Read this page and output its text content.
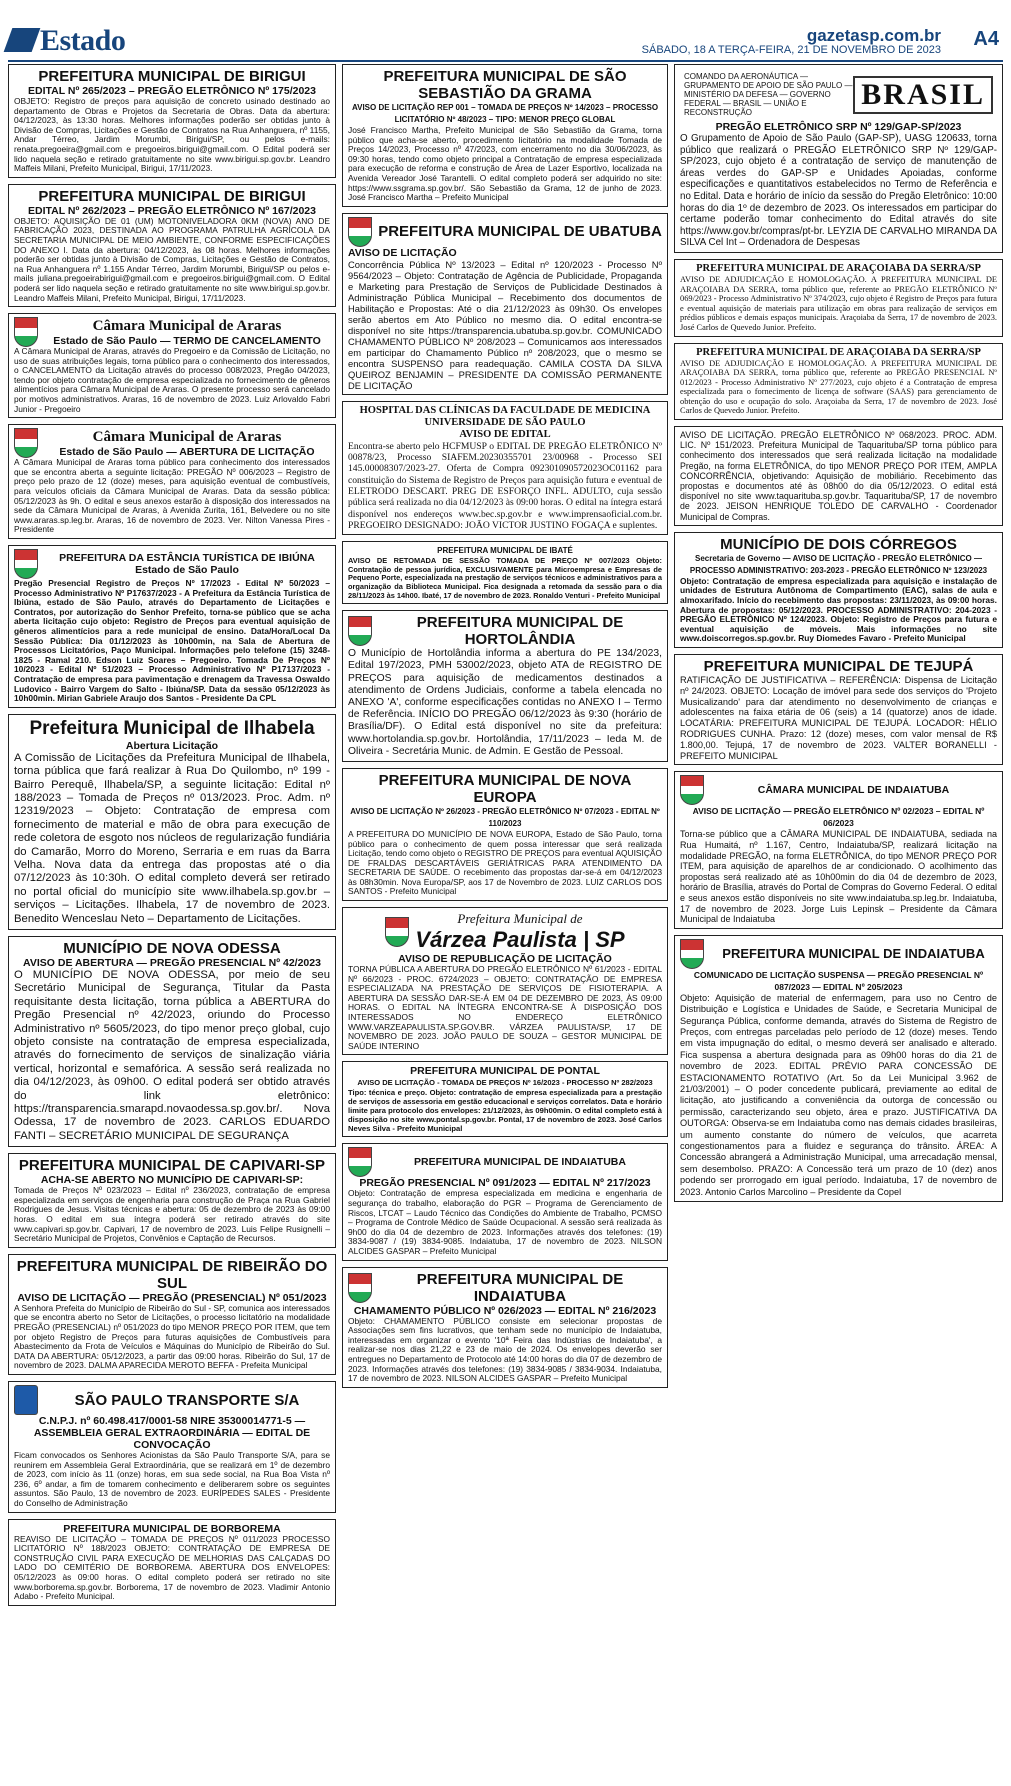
Estado	gazetasp.com.br
SÁBADO, 18 A TERÇA-FEIRA, 21 DE NOVEMBRO DE 2023 A4
PREFEITURA MUNICIPAL DE BIRIGUI
EDITAL Nº 265/2023 – PREGÃO ELETRÔNICO Nº 175/2023

OBJETO: Registro de preços para aquisição de concreto usinado destinado ao departamento de Obras e Projetos da Secretaria de Obras. Data da abertura: 04/12/2023, às 13:30 horas. Melhores informações poderão ser obtidas junto à Divisão de Compras, Licitações e Gestão de Contratos na Rua Anhanguera, nº 1155, Andar Térreo, Jardim Morumbi, Birigui/SP, ou pelos e-mails: renata.pregoeira@gmail.com e pregoeiros.birigui@gmail.com. O Edital poderá ser lido naquela seção e retirado gratuitamente no site www.birigui.sp.gov.br. Leandro Maffeis Milani, Prefeito Municipal, Birigui, 17/11/2023.

PREFEITURA MUNICIPAL DE BIRIGUI
EDITAL Nº 262/2023 – PREGÃO ELETRÔNICO Nº 167/2023

OBJETO: AQUISIÇÃO DE 01 (UM) MOTONIVELADORA 0KM (NOVA) ANO DE FABRICAÇÃO 2023, DESTINADA AO PROGRAMA PATRULHA AGRÍCOLA DA SECRETARIA MUNICIPAL DE MEIO AMBIENTE, CONFORME ESPECIFICAÇÕES DO ANEXO I. Data da abertura: 04/12/2023, às 08 horas. Melhores informações poderão ser obtidas junto à Divisão de Compras, Licitações e Gestão de Contratos, na Rua Anhanguera nº 1.155 Andar Térreo, Jardim Morumbi, Birigui/SP ou pelos e-mails juliana.pregoeirabirigui@gmail.com e pregoeiros.birigui@gmail.com. O Edital poderá ser lido naquela seção e retirado gratuitamente no site www.birigui.sp.gov.br. Leandro Maffeis Milani, Prefeito Municipal, Birigui, 17/11/2023.

Câmara Municipal de Araras
Estado de São Paulo — TERMO DE CANCELAMENTO

A Câmara Municipal de Araras, através do Pregoeiro e da Comissão de Licitação, no uso de suas atribuições legais, torna público para o conhecimento dos interessados, o CANCELAMENTO da Licitação através do processo 008/2023, Pregão 04/2023, tendo por objeto contratação de empresa especializada no fornecimento de gêneros alimentícios para Câmara Municipal de Araras. O presente processo será cancelado por motivos administrativos. Araras, 16 de novembro de 2023. Luiz Arlovaldo Fabri Junior - Pregoeiro

Câmara Municipal de Araras
Estado de São Paulo — ABERTURA DE LICITAÇÃO

A Câmara Municipal de Araras torna público para conhecimento dos interessados que se encontra aberta a seguinte licitação: PREGÃO Nº 006/2023 – Registro de preço pelo prazo de 12 (doze) meses, para aquisição eventual de combustíveis, para veículos oficiais da Câmara Municipal de Araras. Data da sessão pública: 05/12/2023 às 9h. O edital e seus anexos estarão à disposição dos interessados na sede da Câmara Municipal de Araras, à Avenida Zurita, 161, Belvedere ou no site www.araras.sp.leg.br. Araras, 16 de novembro de 2023. Ver. Nilton Vanessa Pires - Presidente

PREFEITURA DA ESTÂNCIA TURÍSTICA DE IBIÚNA
Estado de São Paulo

Pregão Presencial Registro de Preços Nº 17/2023 - Edital Nº 50/2023 – Processo Administrativo Nº P17637/2023 - A Prefeitura da Estância Turística de Ibiúna, estado de São Paulo, através do Departamento de Licitações e Contratos, por autorização do Senhor Prefeito, torna-se público que se acha aberta licitação cujo objeto: Registro de Preços para eventual aquisição de gêneros alimentícios para a rede municipal de ensino. Data/Hora/Local Da Sessão Pública: Dia 01/12/2023 às 10h00min, na Sala de Abertura de Processos Licitatórios, Paço Municipal. Informações pelo telefone (15) 3248-1825 - Ramal 210. Edson Luiz Soares – Pregoeiro. Tomada De Preços Nº 10/2023 - Edital Nº 51/2023 – Processo Administrativo Nº P17137/2023 - Contratação de empresa para pavimentação e drenagem da Travessa Oswaldo Ludovico - Bairro Vargem do Salto - Ibiúna/SP. Data da sessão 05/12/2023 às 10h00min. Mirian Gabriele Araujo dos Santos - Presidente Da CPL

Prefeitura Municipal de Ilhabela
Abertura Licitação

A Comissão de Licitações da Prefeitura Municipal de Ilhabela, torna pública que fará realizar à Rua Do Quilombo, nº 199 - Bairro Perequê, Ilhabela/SP, a seguinte licitação: Edital nº 188/2023 – Tomada de Preços nº 013/2023. Proc. Adm. nº 12319/2023 – Objeto: Contratação de empresa com fornecimento de material e mão de obra para execução de rede coletora de esgoto nos núcleos de regularização fundiária do Camarão, Morro do Moreno, Serraria e em ruas da Barra Velha. Nova data da entrega das propostas até o dia 07/12/2023 às 10:30h. O edital completo deverá ser retirado no portal oficial do município site www.ilhabela.sp.gov.br – serviços – Licitações. Ilhabela, 17 de novembro de 2023. Benedito Wenceslau Neto – Departamento de Licitações.

MUNICÍPIO DE NOVA ODESSA
AVISO DE ABERTURA — PREGÃO PRESENCIAL Nº 42/2023

O MUNICÍPIO DE NOVA ODESSA, por meio de seu Secretário Municipal de Segurança, Titular da Pasta requisitante desta licitação, torna pública a ABERTURA do Pregão Presencial nº 42/2023, oriundo do Processo Administrativo nº 5605/2023, do tipo menor preço global, cujo objeto consiste na contratação de empresa especializada, através do fornecimento de serviços de sinalização viária vertical, horizontal e semafórica. A sessão será realizada no dia 04/12/2023, às 09h00. O edital poderá ser obtido através do link eletrônico: https://transparencia.smarapd.novaodessa.sp.gov.br/. Nova Odessa, 17 de novembro de 2023. CARLOS EDUARDO FANTI – SECRETÁRIO MUNICIPAL DE SEGURANÇA

PREFEITURA MUNICIPAL DE CAPIVARI-SP
ACHA-SE ABERTO NO MUNICÍPIO DE CAPIVARI-SP:

Tomada de Preços Nº 023/2023 – Edital nº 236/2023, contratação de empresa especializada em serviços de engenharia para construção de Praça na Rua Gabriel Rodrigues de Jesus. Visitas técnicas e abertura: 05 de dezembro de 2023 às 09:00 horas. O edital em sua íntegra poderá ser retirado através do site www.capivari.sp.gov.br. Capivari, 17 de novembro de 2023. Luis Felipe Rusignelli – Secretário Municipal de Projetos, Convênios e Captação de Recursos.

PREFEITURA MUNICIPAL DE RIBEIRÃO DO SUL
AVISO DE LICITAÇÃO — PREGÃO (PRESENCIAL) Nº 051/2023

A Senhora Prefeita do Município de Ribeirão do Sul - SP, comunica aos interessados que se encontra aberto no Setor de Licitações, o processo licitatório na modalidade PREGÃO (PRESENCIAL) nº 051/2023 do tipo MENOR PREÇO POR ITEM, que tem por objeto Registro de Preços para futuras aquisições de Combustíveis para Abastecimento da Frota de Veículos e Máquinas do Município de Ribeirão do Sul. DATA DA ABERTURA: 05/12/2023, a partir das 09:00 horas. Ribeirão do Sul, 17 de novembro de 2023. DALMA APARECIDA MEROTO BEFFA - Prefeita Municipal

SÃO PAULO TRANSPORTE S/A
C.N.P.J. nº 60.498.417/0001-58 NIRE 35300014771-5 — ASSEMBLEIA GERAL EXTRAORDINÁRIA — EDITAL DE CONVOCAÇÃO

Ficam convocados os Senhores Acionistas da São Paulo Transporte S/A, para se reunirem em Assembleia Geral Extraordinária, que se realizará em 1º de dezembro de 2023, com início às 11 (onze) horas, em sua sede social, na Rua Boa Vista nº 236, 6º andar, a fim de tomarem conhecimento e deliberarem sobre os seguintes assuntos. São Paulo, 13 de novembro de 2023. EURÍPEDES SALES - Presidente do Conselho de Administração

PREFEITURA MUNICIPAL DE BORBOREMA

REAVISO DE LICITAÇÃO – TOMADA DE PREÇOS Nº 011/2023 PROCESSO LICITATÓRIO Nº 188/2023 OBJETO: CONTRATAÇÃO DE EMPRESA DE CONSTRUÇÃO CIVIL PARA EXECUÇÃO DE MELHORIAS DAS CALÇADAS DO LADO DO CEMITÉRIO DE BORBOREMA. ABERTURA DOS ENVELOPES: 05/12/2023 às 09:00 horas. O edital completo poderá ser retirado no site www.borborema.sp.gov.br. Borborema, 17 de novembro de 2023. Vladimir Antonio Adabo - Prefeito Municipal.

PREFEITURA MUNICIPAL DE SÃO SEBASTIÃO DA GRAMA
AVISO DE LICITAÇÃO REP 001 – TOMADA DE PREÇOS Nº 14/2023 – PROCESSO LICITATÓRIO Nº 48/2023 – TIPO: MENOR PREÇO GLOBAL

José Francisco Martha, Prefeito Municipal de São Sebastião da Grama, torna público que acha-se aberto, procedimento licitatório na modalidade Tomada de Preços 14/2023, Processo nº 47/2023, com encerramento no dia 30/06/2023, às 09:30 horas, tendo como objeto principal a Contratação de empresa especializada para execução de reforma e construção de Área de Lazer Esportivo, localizada na Avenida Vereador José Tarantelli. O edital completo poderá ser adquirido no site: https://www.ssgrama.sp.gov.br/. São Sebastião da Grama, 12 de junho de 2023. José Francisco Martha – Prefeito Municipal

PREFEITURA MUNICIPAL DE UBATUBA
AVISO DE LICITAÇÃO

Concorrência Pública Nº 13/2023 – Edital nº 120/2023 - Processo Nº 9564/2023 – Objeto: Contratação de Agência de Publicidade, Propaganda e Marketing para Prestação de Serviços de Publicidade Destinados à Administração Pública Municipal – Recebimento dos documentos de Habilitação e Propostas: Até o dia 21/12/2023 às 09h30. Os envelopes serão abertos em Ato Público no mesmo dia. O edital encontra-se disponível no site https://transparencia.ubatuba.sp.gov.br. COMUNICADO CHAMAMENTO PÚBLICO Nº 208/2023 – Comunicamos aos interessados em participar do Chamamento Público nº 208/2023, que o mesmo se encontra SUSPENSO para readequação. CAMILA COSTA DA SILVA QUEIROZ BENJAMIN – PRESIDENTE DA COMISSÃO PERMANENTE DE LICITAÇÃO

HOSPITAL DAS CLÍNICAS DA FACULDADE DE MEDICINA UNIVERSIDADE DE SÃO PAULO
AVISO DE EDITAL

Encontra-se aberto pelo HCFMUSP o EDITAL DE PREGÃO ELETRÔNICO Nº 00878/23, Processo SIAFEM.20230355701 23/00968 - Processo SEI 145.00008307/2023-27. Oferta de Compra 092301090572023OC01162 para constituição do Sistema de Registro de Preços para aquisição futura e eventual de ELETRODO DESCART. PREG DE ESFORÇO INFL. ADULTO, cuja sessão pública será realizada no dia 04/12/2023 às 09:00 horas. O edital na íntegra estará disponível nos endereços www.bec.sp.gov.br e www.imprensaoficial.com.br. PREGOEIRO DESIGNADO: JOÃO VICTOR JUSTINO FOGAÇA e suplentes.

PREFEITURA MUNICIPAL DE IBATÉ

AVISO DE RETOMADA DE SESSÃO TOMADA DE PREÇO Nº 007/2023 Objeto: Contratação de pessoa jurídica, EXCLUSIVAMENTE para Microempresa e Empresas de Pequeno Porte, especializada na prestação de serviços técnicos e administrativos para a organização da Biblioteca Municipal. Fica designada a retomada da sessão para o dia 28/11/2023 às 14h00. Ibaté, 17 de novembro de 2023. Ronaldo Venturi - Prefeito Municipal

PREFEITURA MUNICIPAL DE HORTOLÂNDIA

O Município de Hortolândia informa a abertura do PE 134/2023, Edital 197/2023, PMH 53002/2023, objeto ATA de REGISTRO DE PREÇOS para aquisição de medicamentos destinados a atendimento de Ordens Judiciais, conforme a tabela elencada no ANEXO 'A', conforme especificações contidas no ANEXO I – Termo de Referência. INÍCIO DO PREGÃO 06/12/2023 às 9:30 (horário de Brasília/DF). O Edital está disponível no site da prefeitura: www.hortolandia.sp.gov.br. Hortolândia, 17/11/2023 – Ieda M. de Oliveira - Secretária Munic. de Admin. E Gestão de Pessoal.

PREFEITURA MUNICIPAL DE NOVA EUROPA
AVISO DE LICITAÇÃO Nº 26/2023 - PREGÃO ELETRÔNICO Nº 07/2023 - EDITAL Nº 110/2023

A PREFEITURA DO MUNICÍPIO DE NOVA EUROPA, Estado de São Paulo, torna público para o conhecimento de quem possa interessar que será realizada Licitação, tendo como objeto o REGISTRO DE PREÇOS para eventual AQUISIÇÃO DE FRALDAS DESCARTÁVEIS GERIÁTRICAS PARA ATENDIMENTO DA SECRETARIA DE SAÚDE. O recebimento das propostas dar-se-á em 04/12/2023 às 08h30min. Nova Europa/SP, aos 17 de Novembro de 2023. LUIZ CARLOS DOS SANTOS - Prefeito Municipal

Prefeitura Municipal de
Várzea Paulista | SP
AVISO DE REPUBLICAÇÃO DE LICITAÇÃO

TORNA PÚBLICA A ABERTURA DO PREGÃO ELETRÔNICO Nº 61/2023 - EDITAL Nº 66/2023 - PROC. 6724/2023 – OBJETO: CONTRATAÇÃO DE EMPRESA ESPECIALIZADA NA PRESTAÇÃO DE SERVIÇOS DE FISIOTERAPIA. A ABERTURA DA SESSÃO DAR-SE-Á EM 04 DE DEZEMBRO DE 2023, ÀS 09:00 HORAS. O EDITAL NA ÍNTEGRA ENCONTRA-SE À DISPOSIÇÃO DOS INTERESSADOS NO ENDEREÇO ELETRÔNICO WWW.VARZEAPAULISTA.SP.GOV.BR. VÁRZEA PAULISTA/SP, 17 DE NOVEMBRO DE 2023. JOÃO PAULO DE SOUZA – GESTOR MUNICIPAL DE SAÚDE INTERINO

PREFEITURA MUNICIPAL DE PONTAL
AVISO DE LICITAÇÃO - TOMADA DE PREÇOS Nº 16/2023 - PROCESSO Nº 282/2023

Tipo: técnica e preço. Objeto: contratação de empresa especializada para a prestação de serviços de assessoria em gestão educacional e serviços correlatos. Data e horário limite para protocolo dos envelopes: 21/12/2023, às 09h00min. O edital completo está à disposição no site www.pontal.sp.gov.br. Pontal, 17 de novembro de 2023. José Carlos Neves Silva - Prefeito Municipal

PREFEITURA MUNICIPAL DE INDAIATUBA
PREGÃO PRESENCIAL Nº 091/2023 — EDITAL Nº 217/2023

Objeto: Contratação de empresa especializada em medicina e engenharia de segurança do trabalho, elaboração do PGR – Programa de Gerenciamento de Riscos, LTCAT – Laudo Técnico das Condições do Ambiente de Trabalho, PCMSO – Programa de Controle Médico de Saúde Ocupacional. A sessão será realizada às 9h00 do dia 04 de dezembro de 2023. Informações através dos telefones: (19) 3834-9087 / (19) 3834-9085. Indaiatuba, 17 de novembro de 2023. NILSON ALCIDES GASPAR – Prefeito Municipal

PREFEITURA MUNICIPAL DE INDAIATUBA
CHAMAMENTO PÚBLICO Nº 026/2023 — EDITAL Nº 216/2023

Objeto: CHAMAMENTO PÚBLICO consiste em selecionar propostas de Associações sem fins lucrativos, que tenham sede no município de Indaiatuba, interessadas em organizar o evento '10ª Feira das Indústrias de Indaiatuba', a realizar-se nos dias 21,22 e 23 de maio de 2024. Os envelopes deverão ser entregues no Departamento de Protocolo até 14:00 horas do dia 07 de dezembro de 2023. Informações através dos telefones: (19) 3834-9085 / 3834-9034. Indaiatuba, 17 de novembro de 2023. NILSON ALCIDES GASPAR – Prefeito Municipal

COMANDO DA AERONÁUTICA — GRUPAMENTO DE APOIO DE SÃO PAULO — MINISTÉRIO DA DEFESA — GOVERNO FEDERAL — BRASIL — UNIÃO E RECONSTRUÇÃO
BRASIL
PREGÃO ELETRÔNICO SRP Nº 129/GAP-SP/2023

O Grupamento de Apoio de São Paulo (GAP-SP), UASG 120633, torna público que realizará o PREGÃO ELETRÔNICO SRP Nº 129/GAP-SP/2023, cujo objeto é a contratação de serviço de manutenção de áreas verdes do GAP-SP e Unidades Apoiadas, conforme especificações e quantitativos estabelecidos no Termo de Referência e no Edital. Data e horário de início da sessão do Pregão Eletrônico: 10:00 horas do dia 1º de dezembro de 2023. Os interessados em participar do certame poderão tomar conhecimento do Edital através do site https://www.gov.br/compras/pt-br. LEYZIA DE CARVALHO MIRANDA DA SILVA Cel Int – Ordenadora de Despesas

PREFEITURA MUNICIPAL DE ARAÇOIABA DA SERRA/SP

AVISO DE ADJUDICAÇÃO E HOMOLOGAÇÃO. A PREFEITURA MUNICIPAL DE ARAÇOIABA DA SERRA, torna público que, referente ao PREGÃO ELETRÔNICO Nº 069/2023 - Processo Administrativo Nº 374/2023, cujo objeto é Registro de Preços para futura e eventual aquisição de materiais para utilização em obras para realização de serviços em prédios públicos e demais espaços municipais. Araçoiaba da Serra, 17 de novembro de 2023. José Carlos de Quevedo Junior. Prefeito.

PREFEITURA MUNICIPAL DE ARAÇOIABA DA SERRA/SP

AVISO DE ADJUDICAÇÃO E HOMOLOGAÇÃO. A PREFEITURA MUNICIPAL DE ARAÇOIABA DA SERRA, torna público que, referente ao PREGÃO PRESENCIAL Nº 012/2023 - Processo Administrativo Nº 277/2023, cujo objeto é a Contratação de empresa especializada para o fornecimento de licença de software (SAAS) para gerenciamento de obtenção do uso e ocupação do solo. Araçoiaba da Serra, 17 de novembro de 2023. José Carlos de Quevedo Junior. Prefeito.

AVISO DE LICITAÇÃO. PREGÃO ELETRÔNICO Nº 068/2023. PROC. ADM. LIC. Nº 151/2023. Prefeitura Municipal de Taquarituba/SP torna público para conhecimento dos interessados que será realizada licitação na modalidade Pregão, na forma ELETRÔNICA, do tipo MENOR PREÇO POR ITEM, AMPLA CONCORRÊNCIA, objetivando: Aquisição de mobiliário. Recebimento das propostas e documentos até às 08h00 do dia 05/12/2023. O edital está disponível no site www.taquarituba.sp.gov.br. Taquarituba/SP, 17 de novembro de 2023. JEISON HENRIQUE TOLEDO DE CARVALHO - Coordenador Municipal de Compras.

MUNICÍPIO DE DOIS CÓRREGOS
Secretaria de Governo — AVISO DE LICITAÇÃO - PREGÃO ELETRÔNICO — PROCESSO ADMINISTRATIVO: 203-2023 - PREGÃO ELETRÔNICO Nº 123/2023

Objeto: Contratação de empresa especializada para aquisição e instalação de unidades de Estrutura Autônoma de Compartimento (EAC), salas de aula e almoxarifado. Início do recebimento das propostas: 23/11/2023, às 09:00 horas. Abertura de propostas: 05/12/2023. PROCESSO ADMINISTRATIVO: 204-2023 - PREGÃO ELETRÔNICO Nº 124/2023. Objeto: Registro de Preços para futura e eventual aquisição de móveis. Mais informações no site www.doiscorregos.sp.gov.br. Ruy Diomedes Favaro - Prefeito Municipal

PREFEITURA MUNICIPAL DE TEJUPÁ

RATIFICAÇÃO DE JUSTIFICATIVA – REFERÊNCIA: Dispensa de Licitação nº 24/2023. OBJETO: Locação de imóvel para sede dos serviços do 'Projeto Musicalizando' para dar atendimento no desenvolvimento de crianças e adolescentes na faixa etária de 06 (seis) a 14 (quatorze) anos de idade. LOCATÁRIA: PREFEITURA MUNICIPAL DE TEJUPÁ. LOCADOR: HÉLIO RODRIGUES CUNHA. Prazo: 12 (doze) meses, com valor mensal de R$ 1.800,00. Tejupá, 17 de novembro de 2023. VALTER BORANELLI - PREFEITO MUNICIPAL

CÂMARA MUNICIPAL DE INDAIATUBA
AVISO DE LICITAÇÃO — PREGÃO ELETRÔNICO Nº 02/2023 – EDITAL Nº 06/2023

Torna-se público que a CÂMARA MUNICIPAL DE INDAIATUBA, sediada na Rua Humaitá, nº 1.167, Centro, Indaiatuba/SP, realizará licitação na modalidade PREGÃO, na forma ELETRÔNICA, do tipo MENOR PREÇO POR ITEM, para aquisição de aparelhos de ar condicionado. O acolhimento das propostas será realizado até as 10h00min do dia 04 de dezembro de 2023, horário de Brasília, através do Portal de Compras do Governo Federal. O edital e seus anexos estão disponíveis no site www.indaiatuba.sp.leg.br. Indaiatuba, 17 de novembro de 2023. Jorge Luis Lepinsk – Presidente da Câmara Municipal de Indaiatuba

PREFEITURA MUNICIPAL DE INDAIATUBA
COMUNICADO DE LICITAÇÃO SUSPENSA — PREGÃO PRESENCIAL Nº 087/2023 — EDITAL Nº 205/2023

Objeto: Aquisição de material de enfermagem, para uso no Centro de Distribuição e Logística e Unidades de Saúde, e Secretaria Municipal de Segurança Pública, conforme demanda, através do Sistema de Registro de Preços, com entregas parceladas pelo período de 12 (doze) meses. Tendo em vista impugnação do edital, o mesmo deverá ser analisado e alterado. Fica suspensa a abertura designada para as 09h00 horas do dia 21 de novembro de 2023. EDITAL PRÉVIO PARA CONCESSÃO DE ESTACIONAMENTO ROTATIVO (Art. 5o da Lei Municipal 3.962 de 21/03/2001) – O poder concedente publicará, previamente ao edital de licitação, ato justificando a conveniência da outorga de concessão ou permissão, caracterizando seu objeto, área e prazo. JUSTIFICATIVA DA OUTORGA: Observa-se em Indaiatuba como nas demais cidades brasileiras, um aumento constante do número de veículos, que acarreta congestionamentos para a fluidez e segurança do trânsito. ÁREA: A Concessão abrangerá a Administração Municipal, uma arrecadação mensal, sem desembolso. PRAZO: A Concessão terá um prazo de 10 (dez) anos podendo ser prorrogado em igual período. Indaiatuba, 17 de novembro de 2023. Antonio Carlos Marcolino – Presidente da Copel
